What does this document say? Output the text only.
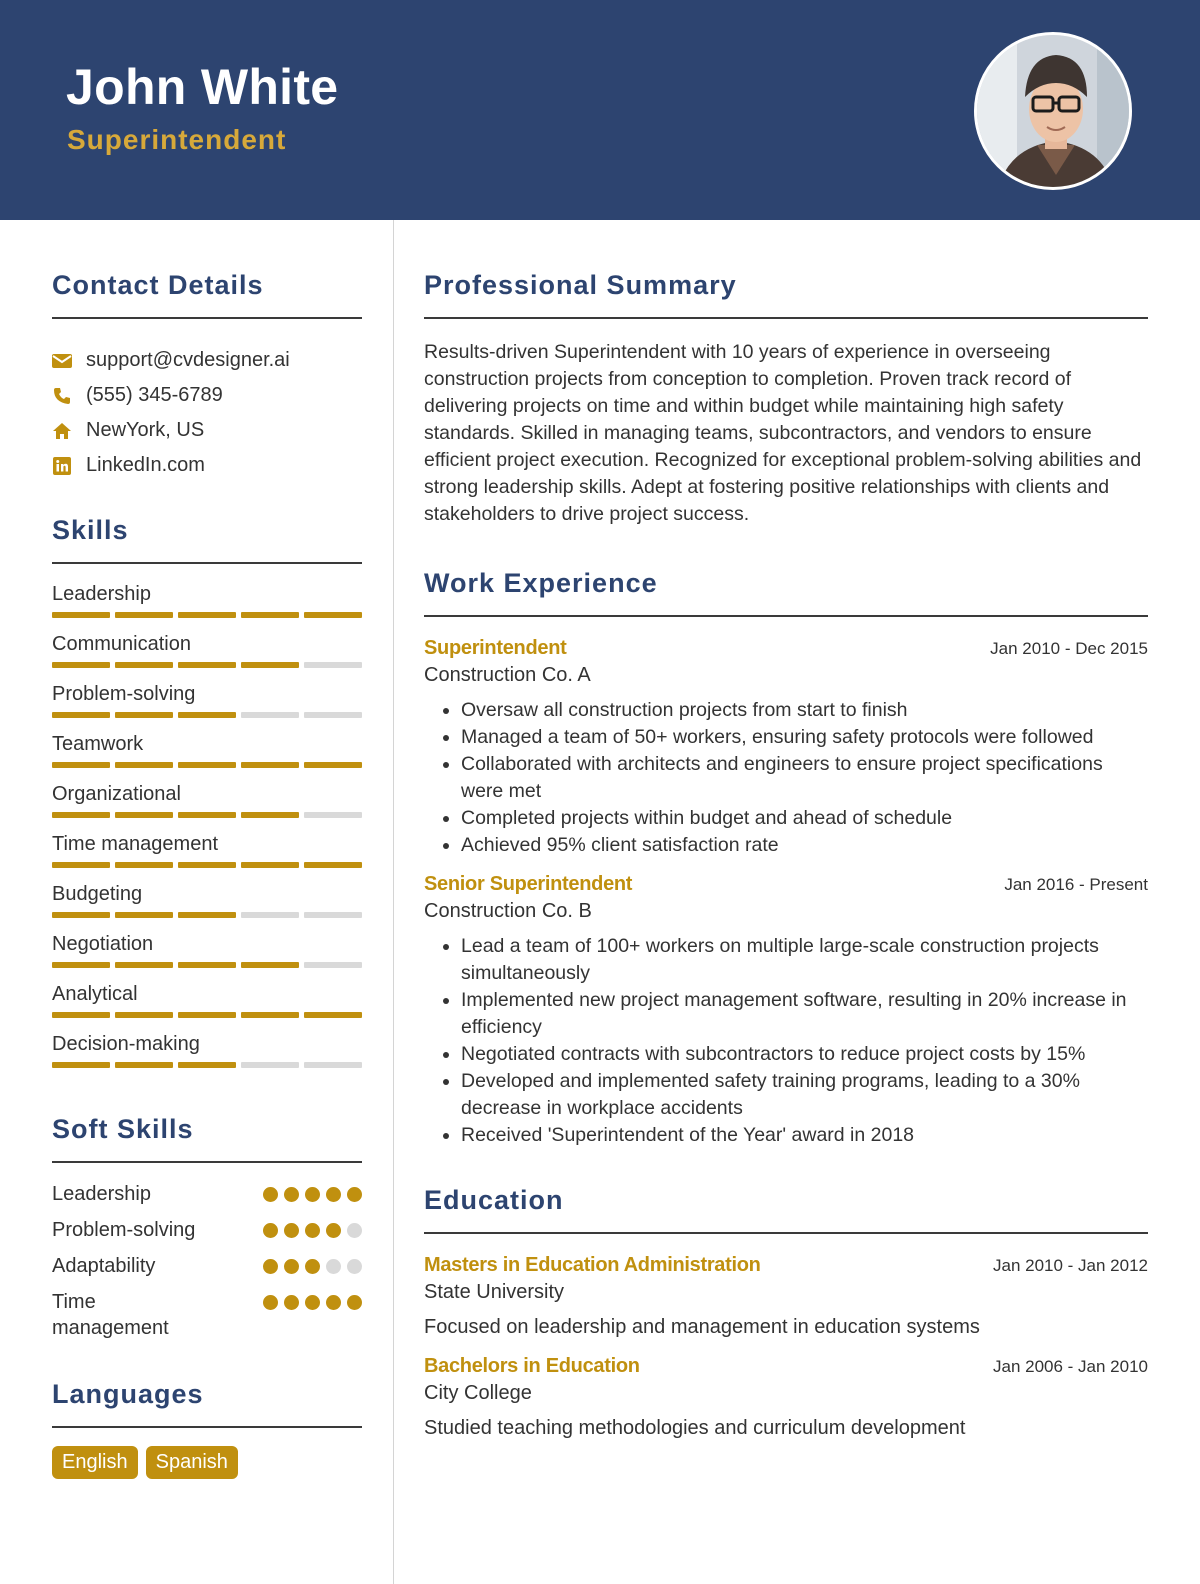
John White
Superintendent
Contact Details
support@cvdesigner.ai
(555) 345-6789
NewYork, US
LinkedIn.com
Skills
Leadership
Communication
Problem-solving
Teamwork
Organizational
Time management
Budgeting
Negotiation
Analytical
Decision-making
Soft Skills
Leadership
Problem-solving
Adaptability
Time management
Languages
English	Spanish
Professional Summary
Results-driven Superintendent with 10 years of experience in overseeing construction projects from conception to completion. Proven track record of delivering projects on time and within budget while maintaining high safety standards. Skilled in managing teams, subcontractors, and vendors to ensure efficient project execution. Recognized for exceptional problem-solving abilities and strong leadership skills. Adept at fostering positive relationships with clients and stakeholders to drive project success.
Work Experience
Superintendent	Jan 2010 - Dec 2015
Construction Co. A
• Oversaw all construction projects from start to finish
• Managed a team of 50+ workers, ensuring safety protocols were followed
• Collaborated with architects and engineers to ensure project specifications were met
• Completed projects within budget and ahead of schedule
• Achieved 95% client satisfaction rate
Senior Superintendent	Jan 2016 - Present
Construction Co. B
• Lead a team of 100+ workers on multiple large-scale construction projects simultaneously
• Implemented new project management software, resulting in 20% increase in efficiency
• Negotiated contracts with subcontractors to reduce project costs by 15%
• Developed and implemented safety training programs, leading to a 30% decrease in workplace accidents
• Received 'Superintendent of the Year' award in 2018
Education
Masters in Education Administration	Jan 2010 - Jan 2012
State University
Focused on leadership and management in education systems
Bachelors in Education	Jan 2006 - Jan 2010
City College
Studied teaching methodologies and curriculum development
